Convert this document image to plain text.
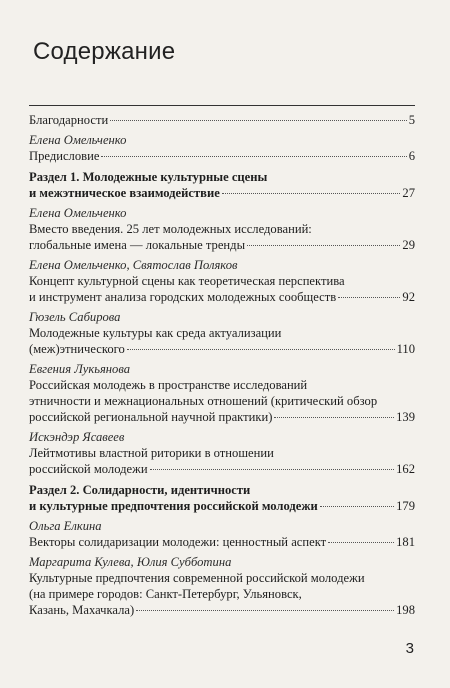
Содержание
Благодарности	5
Елена Омельченко
Предисловие	6
Раздел 1. Молодежные культурные сцены
и межэтническое взаимодействие	27
Елена Омельченко
Вместо введения. 25 лет молодежных исследований:
глобальные имена — локальные тренды	29
Елена Омельченко, Святослав Поляков
Концепт культурной сцены как теоретическая перспектива
и инструмент анализа городских молодежных сообществ	92
Гюзель Сабирова
Молодежные культуры как среда актуализации
(меж)этнического	110
Евгения Лукьянова
Российская молодежь в пространстве исследований
этничности и межнациональных отношений (критический обзор
российской региональной научной практики)	139
Искэндэр Ясавеев
Лейтмотивы властной риторики в отношении
российской молодежи	162
Раздел 2. Солидарности, идентичности
и культурные предпочтения российской молодежи	179
Ольга Елкина
Векторы солидаризации молодежи: ценностный аспект	181
Маргарита Кулева, Юлия Субботина
Культурные предпочтения современной российской молодежи
(на примере городов: Санкт-Петербург, Ульяновск,
Казань, Махачкала)	198
3
